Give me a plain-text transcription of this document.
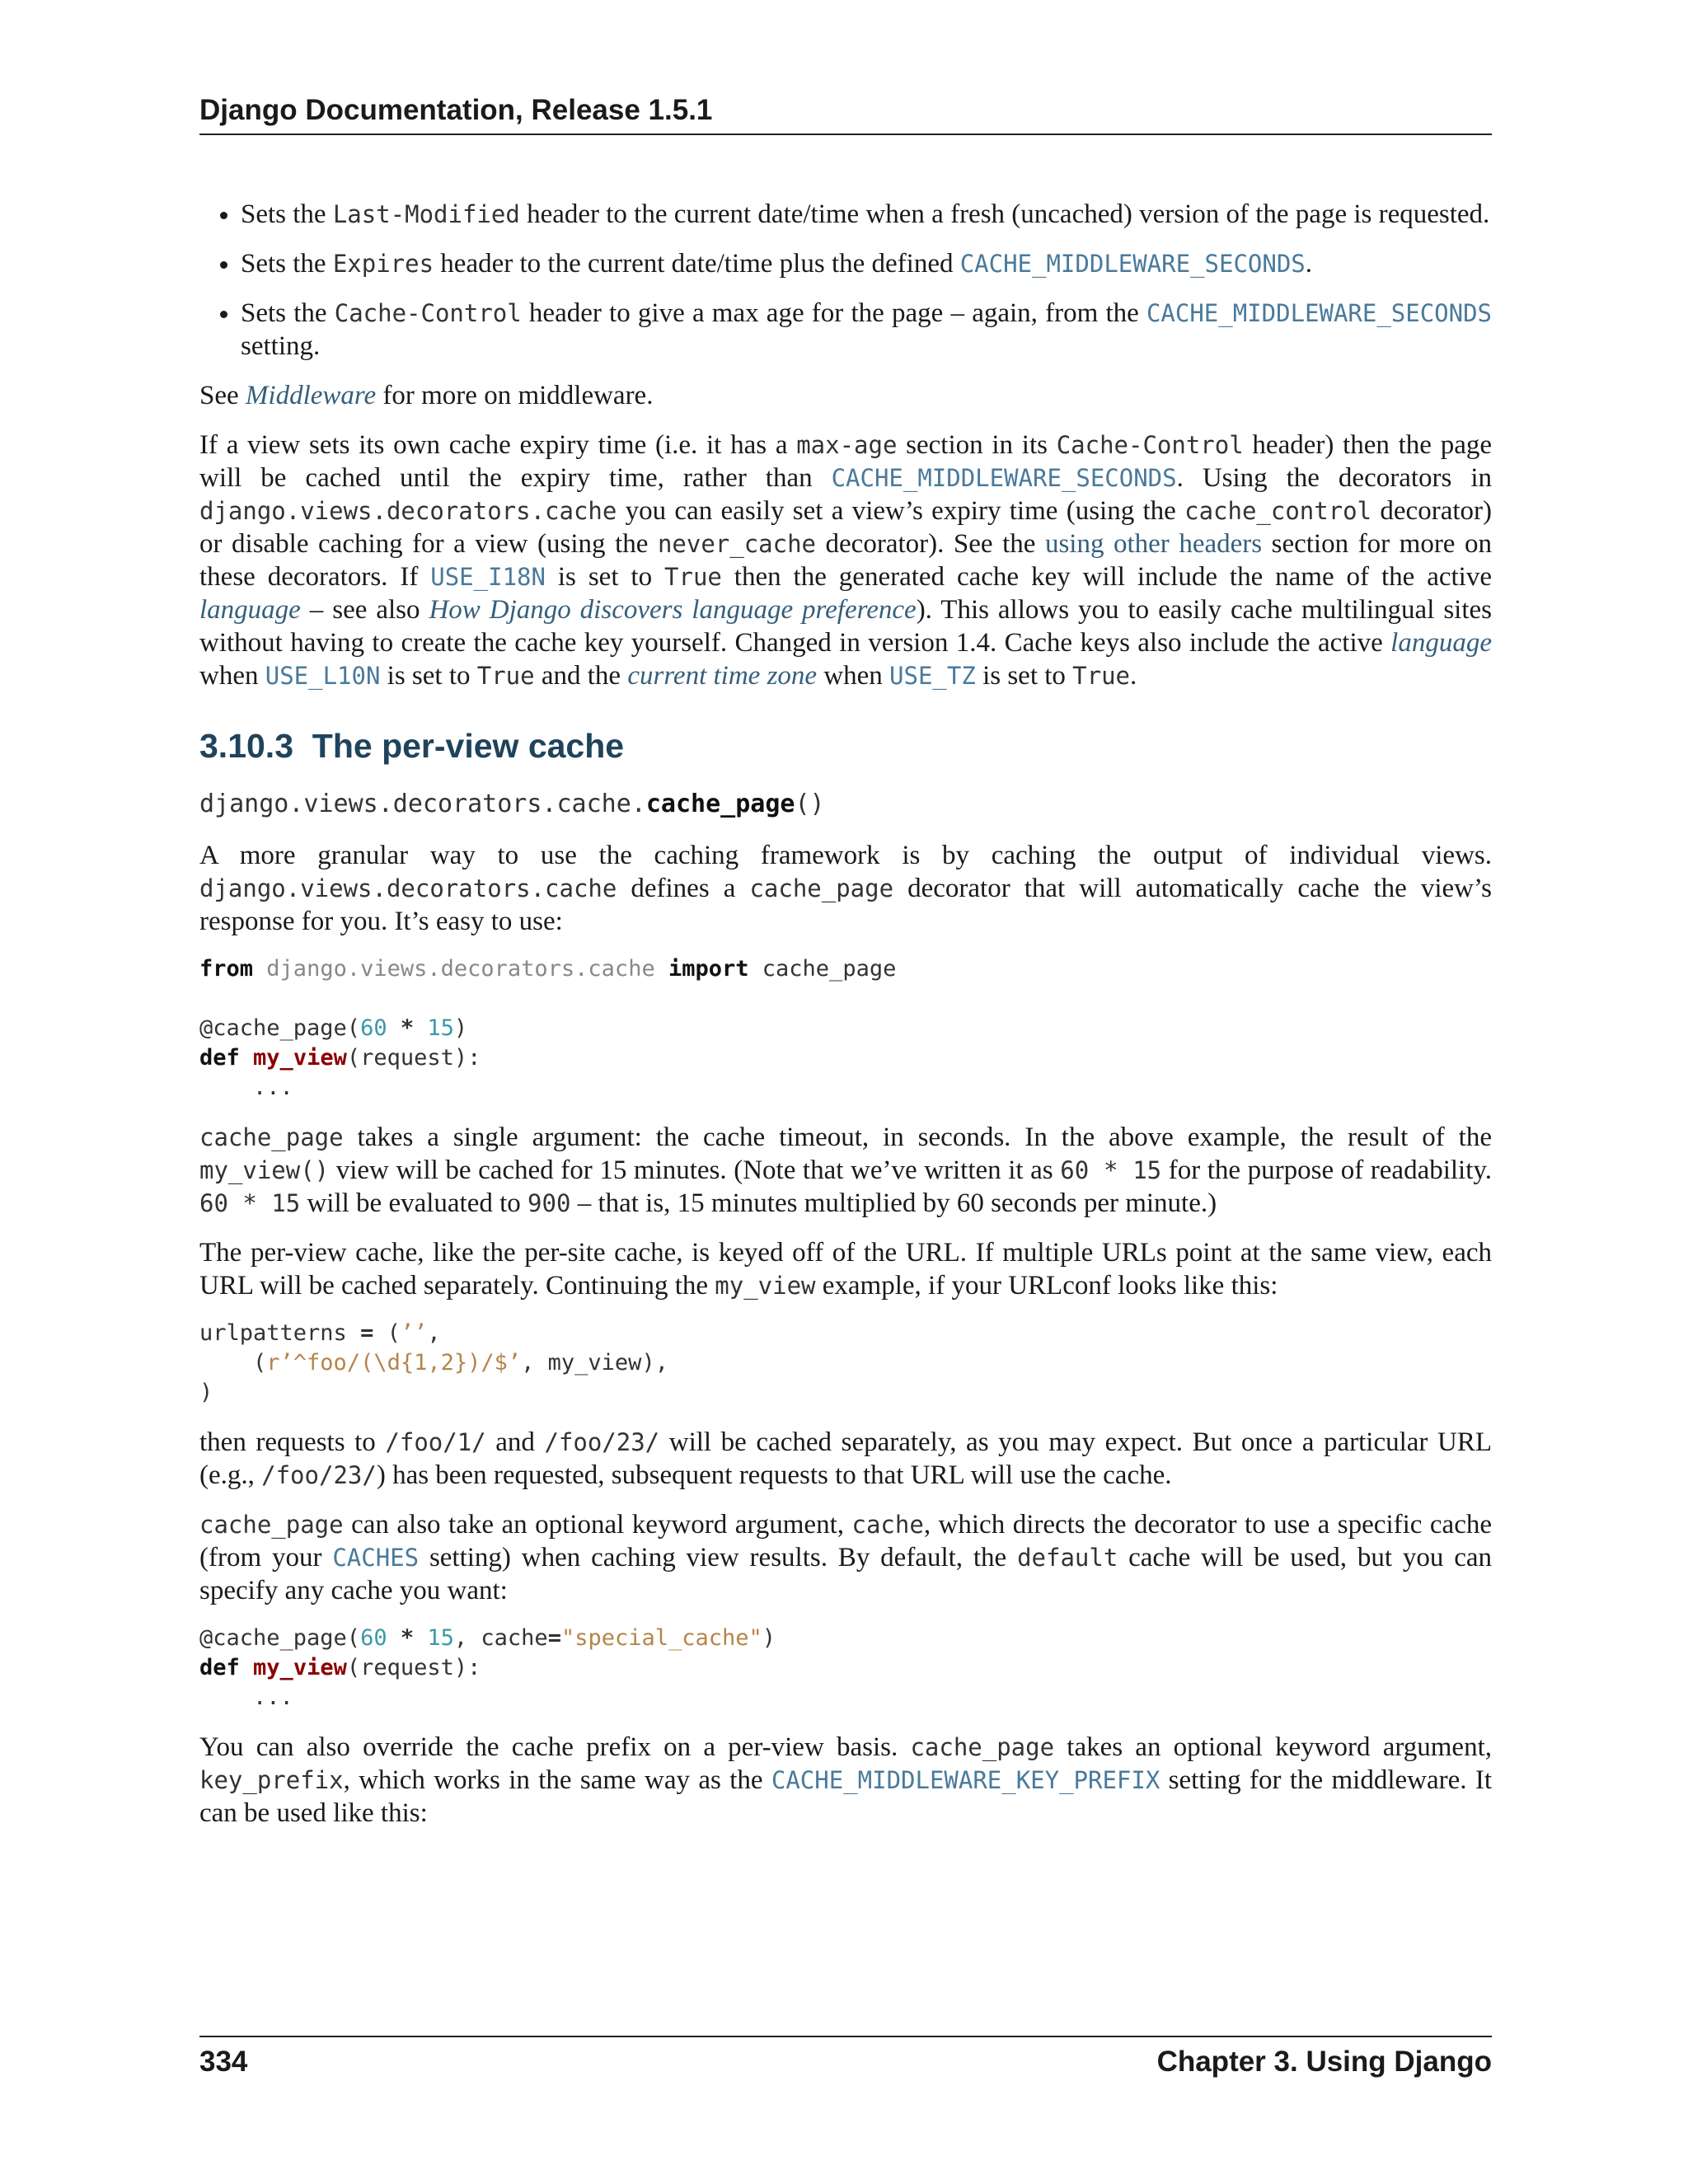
Django Documentation, Release 1.5.1
• Sets the Last-Modified header to the current date/time when a fresh (uncached) version of the page is requested.
• Sets the Expires header to the current date/time plus the defined CACHE_MIDDLEWARE_SECONDS.
• Sets the Cache-Control header to give a max age for the page – again, from the CACHE_MIDDLEWARE_SECONDS setting.

See Middleware for more on middleware.

If a view sets its own cache expiry time (i.e. it has a max-age section in its Cache-Control header) then the page will be cached until the expiry time, rather than CACHE_MIDDLEWARE_SECONDS. Using the decorators in django.views.decorators.cache you can easily set a view’s expiry time (using the cache_control decorator) or disable caching for a view (using the never_cache decorator). See the using other headers section for more on these decorators. If USE_I18N is set to True then the generated cache key will include the name of the active language – see also How Django discovers language preference). This allows you to easily cache multilingual sites without having to create the cache key yourself. Changed in version 1.4. Cache keys also include the active language when USE_L10N is set to True and the current time zone when USE_TZ is set to True.

3.10.3 The per-view cache
django.views.decorators.cache.cache_page()

A more granular way to use the caching framework is by caching the output of individual views. django.views.decorators.cache defines a cache_page decorator that will automatically cache the view’s response for you. It’s easy to use:

from django.views.decorators.cache import cache_page

@cache_page(60 * 15)
def my_view(request):
...

cache_page takes a single argument: the cache timeout, in seconds. In the above example, the result of the my_view() view will be cached for 15 minutes. (Note that we’ve written it as 60 * 15 for the purpose of readability. 60 * 15 will be evaluated to 900 – that is, 15 minutes multiplied by 60 seconds per minute.)

The per-view cache, like the per-site cache, is keyed off of the URL. If multiple URLs point at the same view, each URL will be cached separately. Continuing the my_view example, if your URLconf looks like this:

urlpatterns = (’’,
(r’^foo/(\d{1,2})/$’, my_view),
)

then requests to /foo/1/ and /foo/23/ will be cached separately, as you may expect. But once a particular URL (e.g., /foo/23/) has been requested, subsequent requests to that URL will use the cache.

cache_page can also take an optional keyword argument, cache, which directs the decorator to use a specific cache (from your CACHES setting) when caching view results. By default, the default cache will be used, but you can specify any cache you want:

@cache_page(60 * 15, cache="special_cache")
def my_view(request):
...

You can also override the cache prefix on a per-view basis. cache_page takes an optional keyword argument, key_prefix, which works in the same way as the CACHE_MIDDLEWARE_KEY_PREFIX setting for the middleware. It can be used like this:

334	Chapter 3. Using Django
